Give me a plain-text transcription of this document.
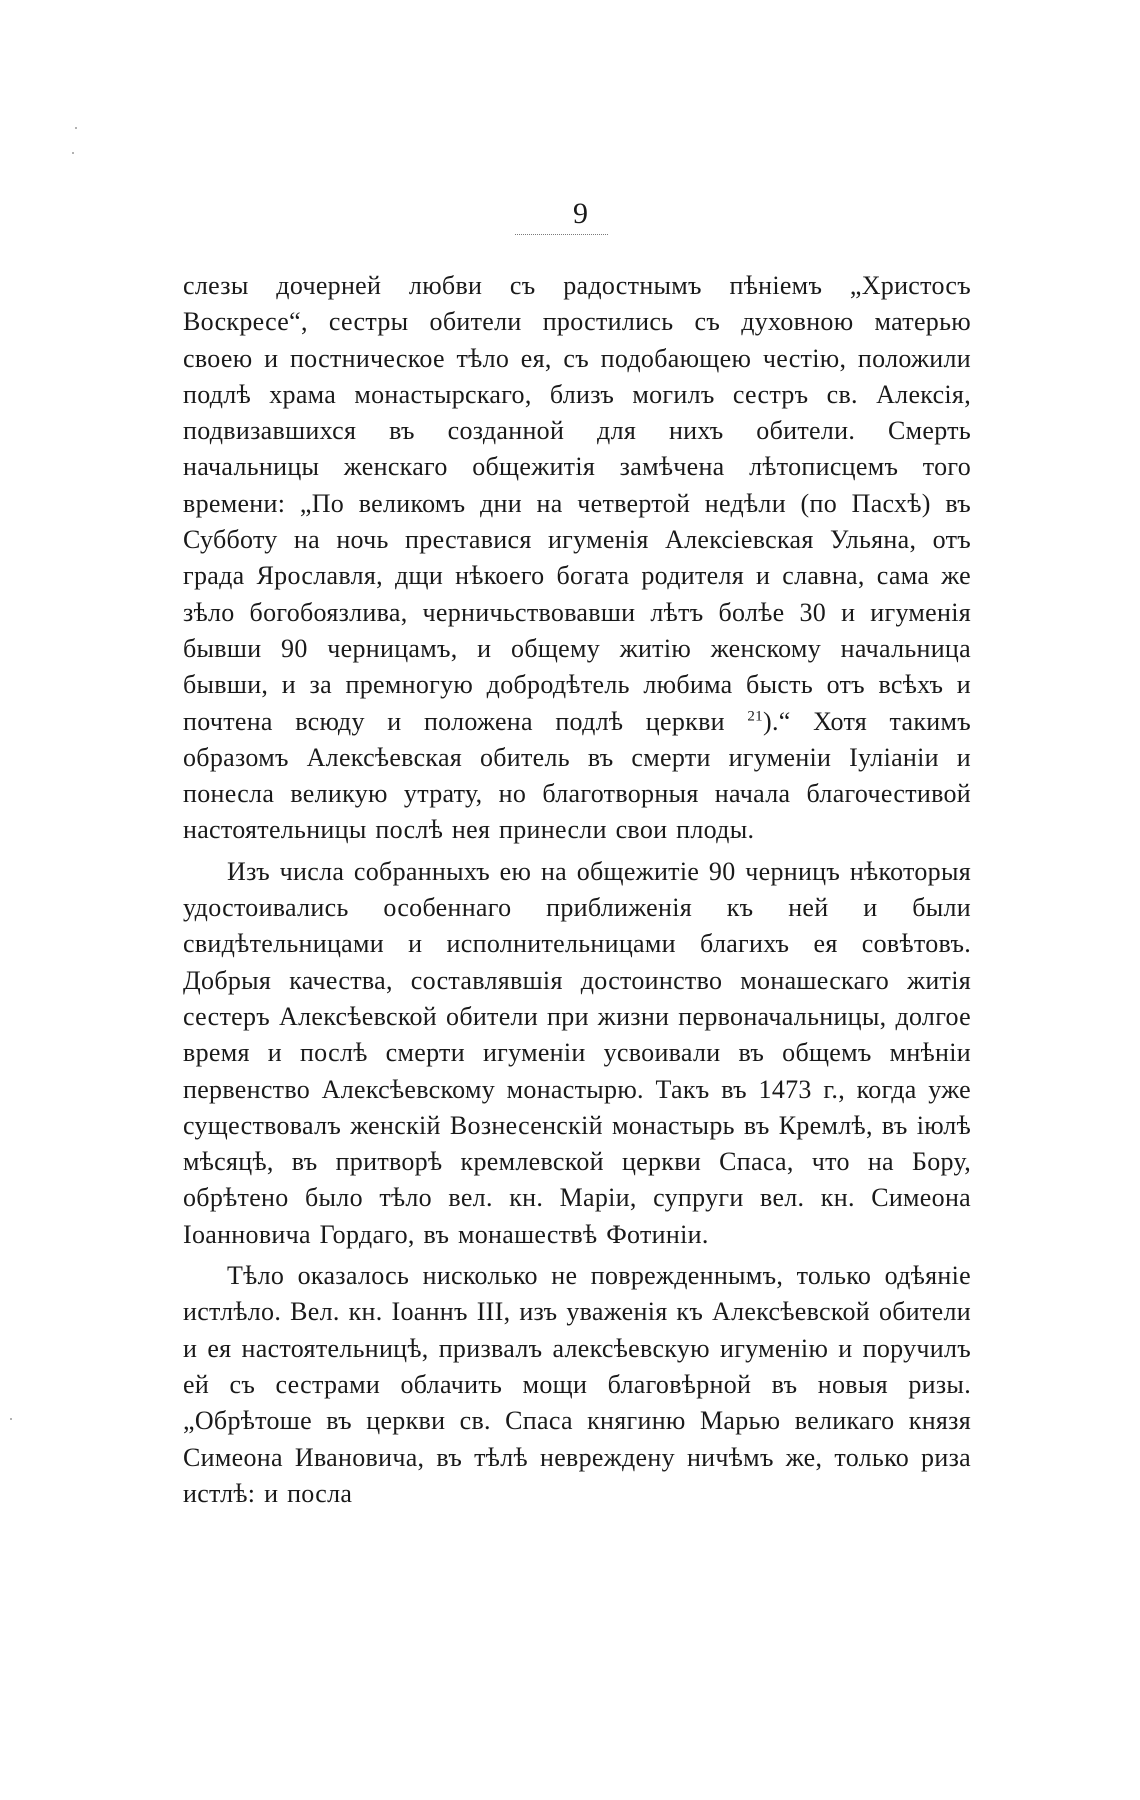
9

слезы дочерней любви съ радостнымъ пѣніемъ „Христосъ Воскресе“, сестры обители простились съ духовною матерью своею и постническое тѣло ея, съ подобающею честію, положили подлѣ храма монастырскаго, близъ могилъ сестръ св. Алексія, подвизавшихся въ созданной для нихъ обители. Смерть начальницы женскаго общежитія замѣчена лѣтописцемъ того времени: „По великомъ дни на четвертой недѣли (по Пасхѣ) въ Субботу на ночь преставися игуменія Алексіевская Ульяна, отъ града Ярославля, дщи нѣкоего богата родителя и славна, сама же зѣло богобоязлива, черничьствовавши лѣтъ болѣе 30 и игуменія бывши 90 черницамъ, и общему житію женскому начальница бывши, и за премногую добродѣтель любима бысть отъ всѣхъ и почтена всюду и положена подлѣ церкви $^{21}$).“ Хотя такимъ образомъ Алексѣевская обитель въ смерти игуменіи Іуліаніи и понесла великую утрату, но благотворныя начала благочестивой настоятельницы послѣ нея принесли свои плоды.

Изъ числа собранныхъ ею на общежитіе 90 черницъ нѣкоторыя удостоивались особеннаго приближенія къ ней и были свидѣтельницами и исполнительницами благихъ ея совѣтовъ. Добрыя качества, составлявшія достоинство монашескаго житія сестеръ Алексѣевской обители при жизни первоначальницы, долгое время и послѣ смерти игуменіи усвоивали въ общемъ мнѣніи первенство Алексѣевскому монастырю. Такъ въ 1473 г., когда уже существовалъ женскій Вознесенскій монастырь въ Кремлѣ, въ іюлѣ мѣсяцѣ, въ притворѣ кремлевской церкви Спаса, что на Бору, обрѣтено было тѣло вел. кн. Маріи, супруги вел. кн. Симеона Іоанновича Гордаго, въ монашествѣ Фотиніи.

Тѣло оказалось нисколько не поврежденнымъ, только одѣяніе истлѣло. Вел. кн. Іоаннъ III, изъ уваженія къ Алексѣевской обители и ея настоятельницѣ, призвалъ алексѣевскую игуменію и поручилъ ей съ сестрами облачить мощи благовѣрной въ новыя ризы. „Обрѣтоше въ церкви св. Спаса княгиню Марью великаго князя Симеона Ивановича, въ тѣлѣ невреждену ничѣмъ же, только риза истлѣ: и посла
